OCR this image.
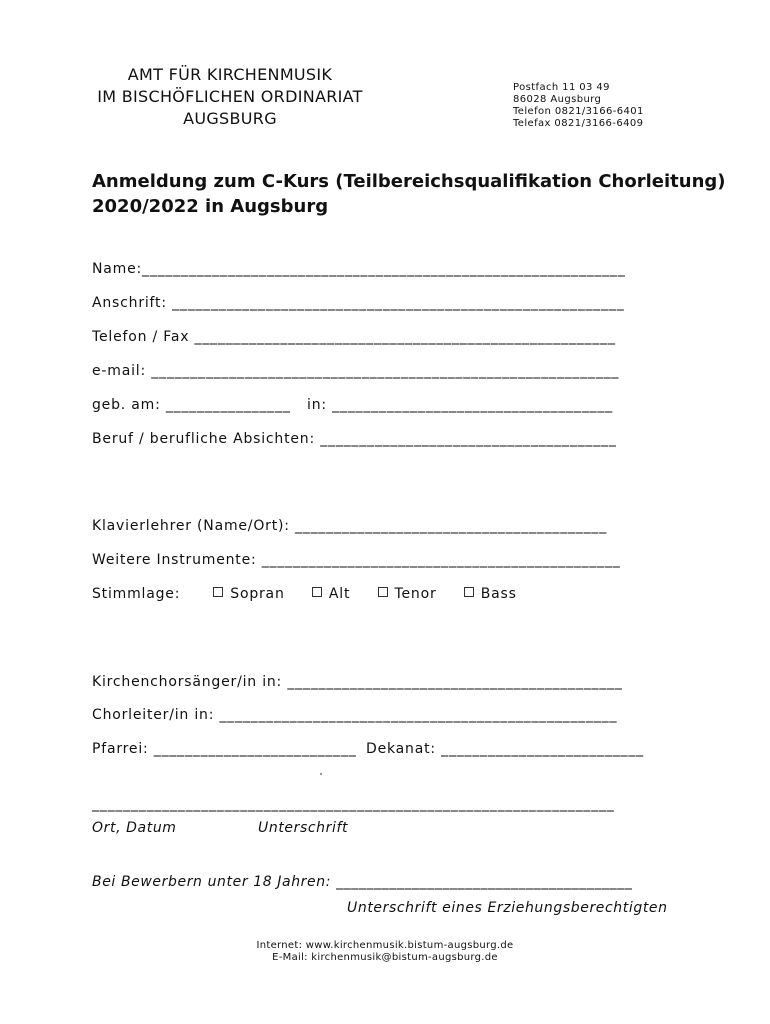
AMT FÜR KIRCHENMUSIK
IM BISCHÖFLICHEN ORDINARIAT
AUGSBURG
Postfach 11 03 49
86028 Augsburg
Telefon 0821/3166-6401
Telefax 0821/3166-6409
Anmeldung zum C-Kurs (Teilbereichsqualifikation Chorleitung)
2020/2022 in Augsburg
Name:______________________________________________________________
Anschrift: __________________________________________________________
Telefon / Fax ______________________________________________________
e-mail: ____________________________________________________________
geb. am: ________________ in: ____________________________________
Beruf / berufliche Absichten: ______________________________________
Klavierlehrer (Name/Ort): ________________________________________
Weitere Instrumente: ______________________________________________
Stimmlage:	Sopran	Alt	Tenor	Bass
Kirchenchorsänger/in in: ___________________________________________
Chorleiter/in in: ___________________________________________________
Pfarrei: __________________________ Dekanat: __________________________
___________________________________________________________________
Ort, Datum	Unterschrift
Bei Bewerbern unter 18 Jahren: _______________________________________
Unterschrift eines Erziehungsberechtigten
Internet: www.kirchenmusik.bistum-augsburg.de
E-Mail: kirchenmusik@bistum-augsburg.de
